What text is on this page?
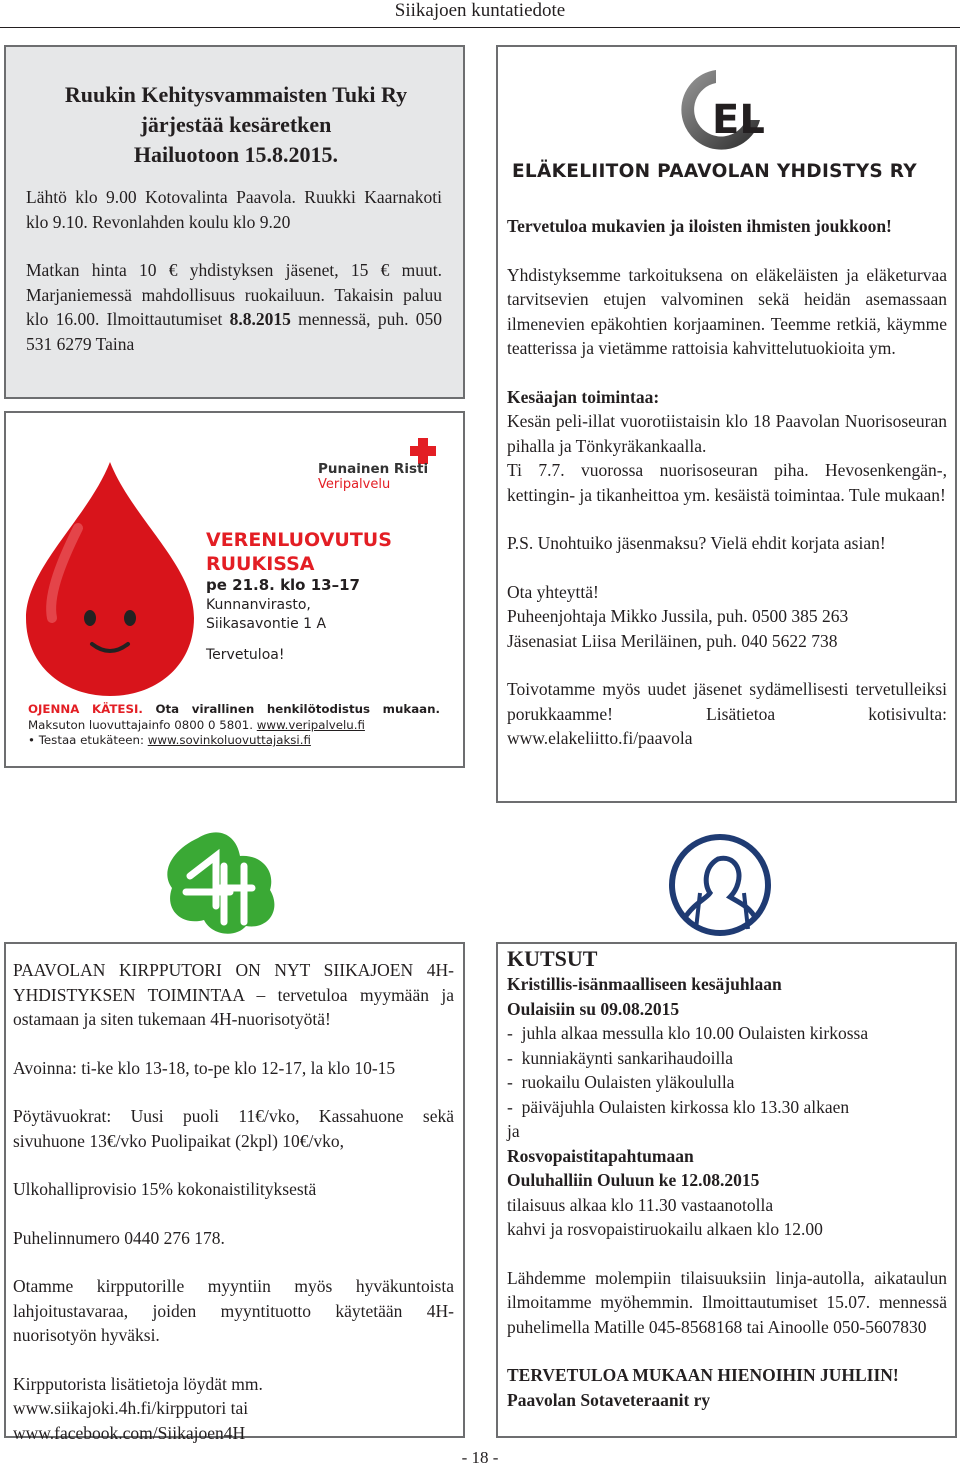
Siikajoen kuntatiedote
Ruukin Kehitysvammaisten Tuki Ry
järjestää kesäretken
Hailuotoon 15.8.2015.

Lähtö klo 9.00 Kotovalinta Paavola. Ruukki Kaarnakoti klo 9.10. Revonlahden koulu klo 9.20

Matkan hinta 10 € yhdistyksen jäsenet, 15 € muut. Marjaniemessä mahdollisuus ruokailuun. Takaisin paluu klo 16.00. Ilmoittautumiset 8.8.2015 mennessä, puh. 050 531 6279 Taina

Punainen Risti
Veripalvelu
VERENLUOVUTUS
RUUKISSA
pe 21.8. klo 13–17
Kunnanvirasto,
Siikasavontie 1 A
Tervetuloa!
OJENNA KÄTESI. Ota virallinen henkilötodistus mukaan. Maksuton luovuttajainfo 0800 0 5801. www.veripalvelu.fi
• Testaa etukäteen: www.sovinkoluovuttajaksi.fi
EL
ELÄKELIITON PAAVOLAN YHDISTYS RY

Tervetuloa mukavien ja iloisten ihmisten joukkoon!

Yhdistyksemme tarkoituksena on eläkeläisten ja eläketurvaa tarvitsevien etujen valvominen sekä heidän asemassaan ilmenevien epäkohtien korjaaminen. Teemme retkiä, käymme teatterissa ja vietämme rattoisia kahvittelutuokioita ym.

Kesäajan toimintaa:

Kesän peli-illat vuorotiistaisin klo 18 Paavolan Nuorisoseuran pihalla ja Tönkyräkankaalla.

Ti 7.7. vuorossa nuorisoseuran piha. Hevosenkengän-, kettingin- ja tikanheittoa ym. kesäistä toimintaa. Tule mukaan!

P.S. Unohtuiko jäsenmaksu? Vielä ehdit korjata asian!

Ota yhteyttä!

Puheenjohtaja Mikko Jussila, puh. 0500 385 263

Jäsenasiat Liisa Meriläinen, puh. 040 5622 738

Toivotamme myös uudet jäsenet sydämellisesti tervetulleiksi porukkaamme! Lisätietoa kotisivulta: www.elakeliitto.fi/paavola

PAAVOLAN KIRPPUTORI ON NYT SIIKAJOEN 4H-YHDISTYKSEN TOIMINTAA – tervetuloa myymään ja ostamaan ja siten tukemaan 4H-nuorisotyötä!

Avoinna: ti-ke klo 13-18, to-pe klo 12-17, la klo 10-15

Pöytävuokrat: Uusi puoli 11€/vko, Kassahuone sekä sivuhuone 13€/vko Puolipaikat (2kpl) 10€/vko,

Ulkohalliprovisio 15% kokonaistilityksestä

Puhelinnumero 0440 276 178.

Otamme kirpputorille myyntiin myös hyväkuntoista lahjoitustavaraa, joiden myyntituotto käytetään 4H-nuorisotyön hyväksi.

Kirpputorista lisätietoja löydät mm. www.siikajoki.4h.fi/kirpputori tai www.facebook.com/Siikajoen4H

KUTSUT

Kristillis-isänmaalliseen kesäjuhlaan

Oulaisiin su 09.08.2015

-  juhla alkaa messulla klo 10.00 Oulaisten kirkossa

-  kunniakäynti sankarihaudoilla

-  ruokailu Oulaisten yläkoululla

-  päiväjuhla Oulaisten kirkossa klo 13.30 alkaen

ja

Rosvopaistitapahtumaan

Ouluhalliin Ouluun ke 12.08.2015

tilaisuus alkaa klo 11.30 vastaanotolla

kahvi ja rosvopaistiruokailu alkaen klo 12.00

Lähdemme molempiin tilaisuuksiin linja-autolla, aikataulun ilmoitamme myöhemmin. Ilmoittautumiset 15.07. mennessä puhelimella Matille 045-8568168 tai Ainoolle 050-5607830

TERVETULOA MUKAAN HIENOIHIN JUHLIIN!

Paavolan Sotaveteraanit ry

- 18 -
